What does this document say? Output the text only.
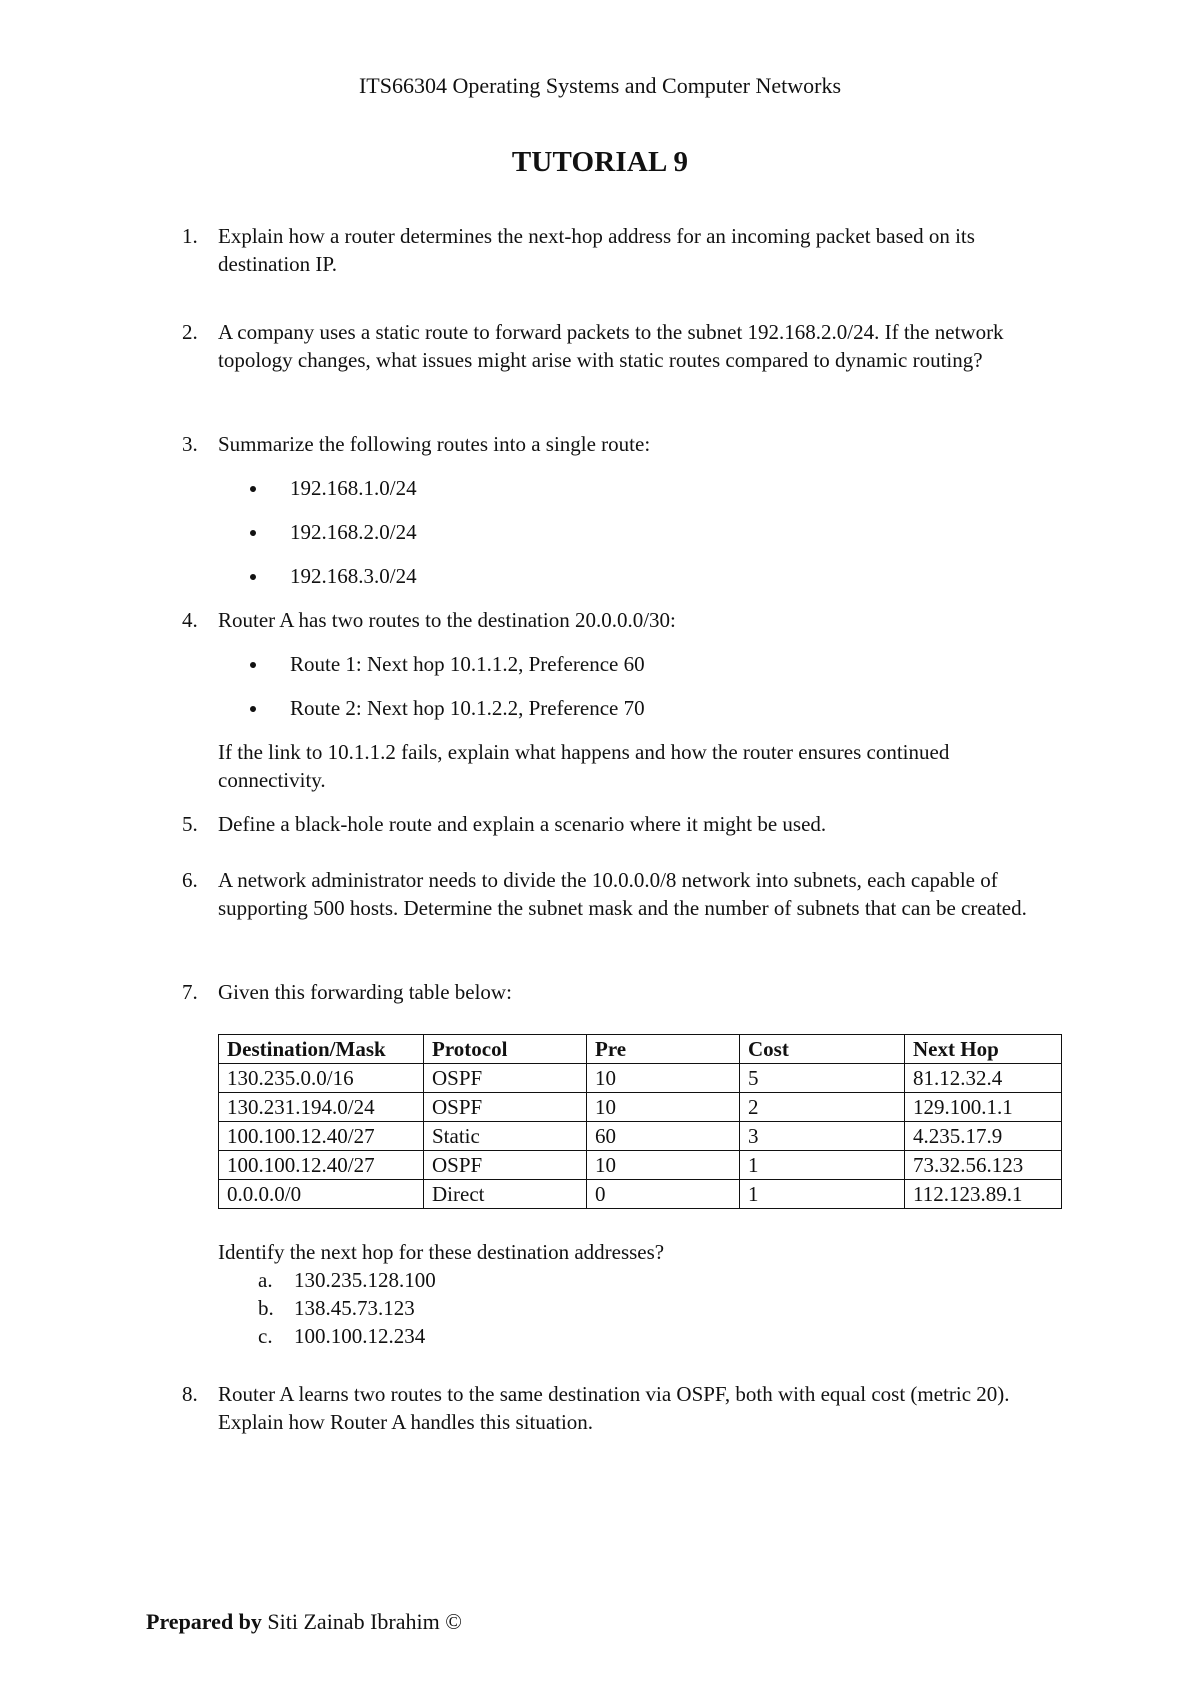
ITS66304 Operating Systems and Computer Networks
TUTORIAL 9
1. Explain how a router determines the next-hop address for an incoming packet based on its destination IP.
2. A company uses a static route to forward packets to the subnet 192.168.2.0/24. If the network topology changes, what issues might arise with static routes compared to dynamic routing?
3. Summarize the following routes into a single route:
192.168.1.0/24
192.168.2.0/24
192.168.3.0/24
4. Router A has two routes to the destination 20.0.0.0/30:
Route 1: Next hop 10.1.1.2, Preference 60
Route 2: Next hop 10.1.2.2, Preference 70
If the link to 10.1.1.2 fails, explain what happens and how the router ensures continued connectivity.
5. Define a black-hole route and explain a scenario where it might be used.
6. A network administrator needs to divide the 10.0.0.0/8 network into subnets, each capable of supporting 500 hosts. Determine the subnet mask and the number of subnets that can be created.
7. Given this forwarding table below:
Destination/Mask	Protocol	Pre	Cost	Next Hop
130.235.0.0/16	OSPF	10	5	81.12.32.4
130.231.194.0/24	OSPF	10	2	129.100.1.1
100.100.12.40/27	Static	60	3	4.235.17.9
100.100.12.40/27	OSPF	10	1	73.32.56.123
0.0.0.0/0	Direct	0	1	112.123.89.1
Identify the next hop for these destination addresses?
a. 130.235.128.100
b. 138.45.73.123
c. 100.100.12.234
8. Router A learns two routes to the same destination via OSPF, both with equal cost (metric 20). Explain how Router A handles this situation.
Prepared by Siti Zainab Ibrahim ©
